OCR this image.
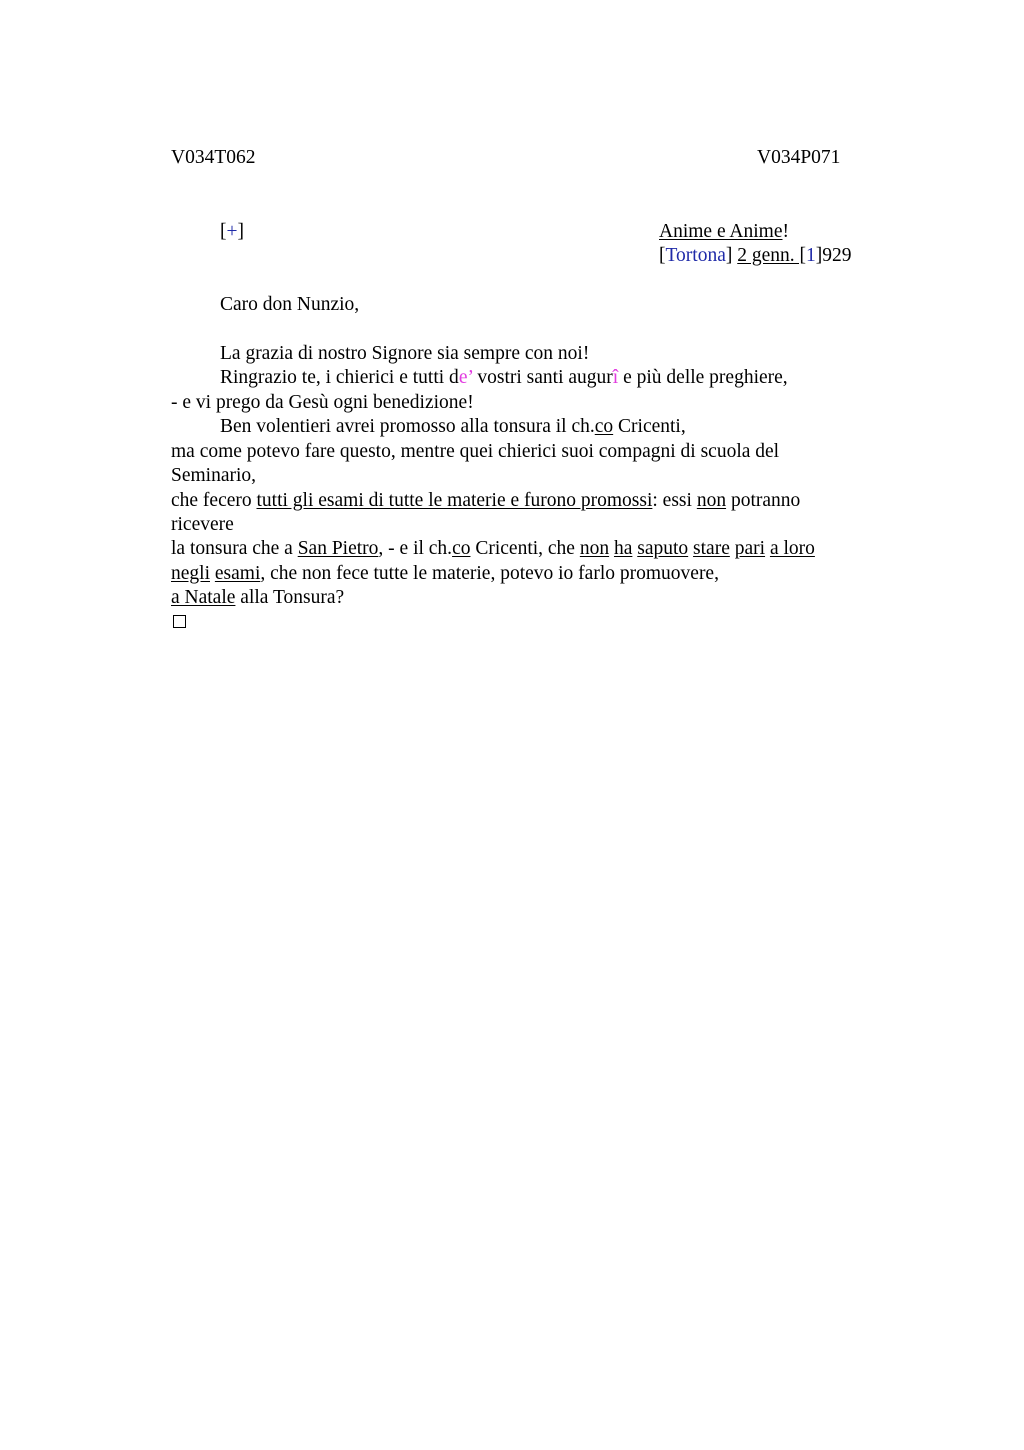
V034T062	V034P071
[+]	Anime e Anime!
[Tortona] 2 genn. [1]929
Caro don Nunzio,
La grazia di nostro Signore sia sempre con noi!
Ringrazio te, i chierici e tutti de’ vostri santi augurî e più delle preghiere,
- e vi prego da Gesù ogni benedizione!
Ben volentieri avrei promosso alla tonsura il ch.co Cricenti,
ma come potevo fare questo, mentre quei chierici suoi compagni di scuola del
Seminario,
che fecero tutti gli esami di tutte le materie e furono promossi: essi non potranno
ricevere
la tonsura che a San Pietro, - e il ch.co Cricenti, che non ha saputo stare pari a loro
negli esami, che non fece tutte le materie, potevo io farlo promuovere,
a Natale alla Tonsura?
